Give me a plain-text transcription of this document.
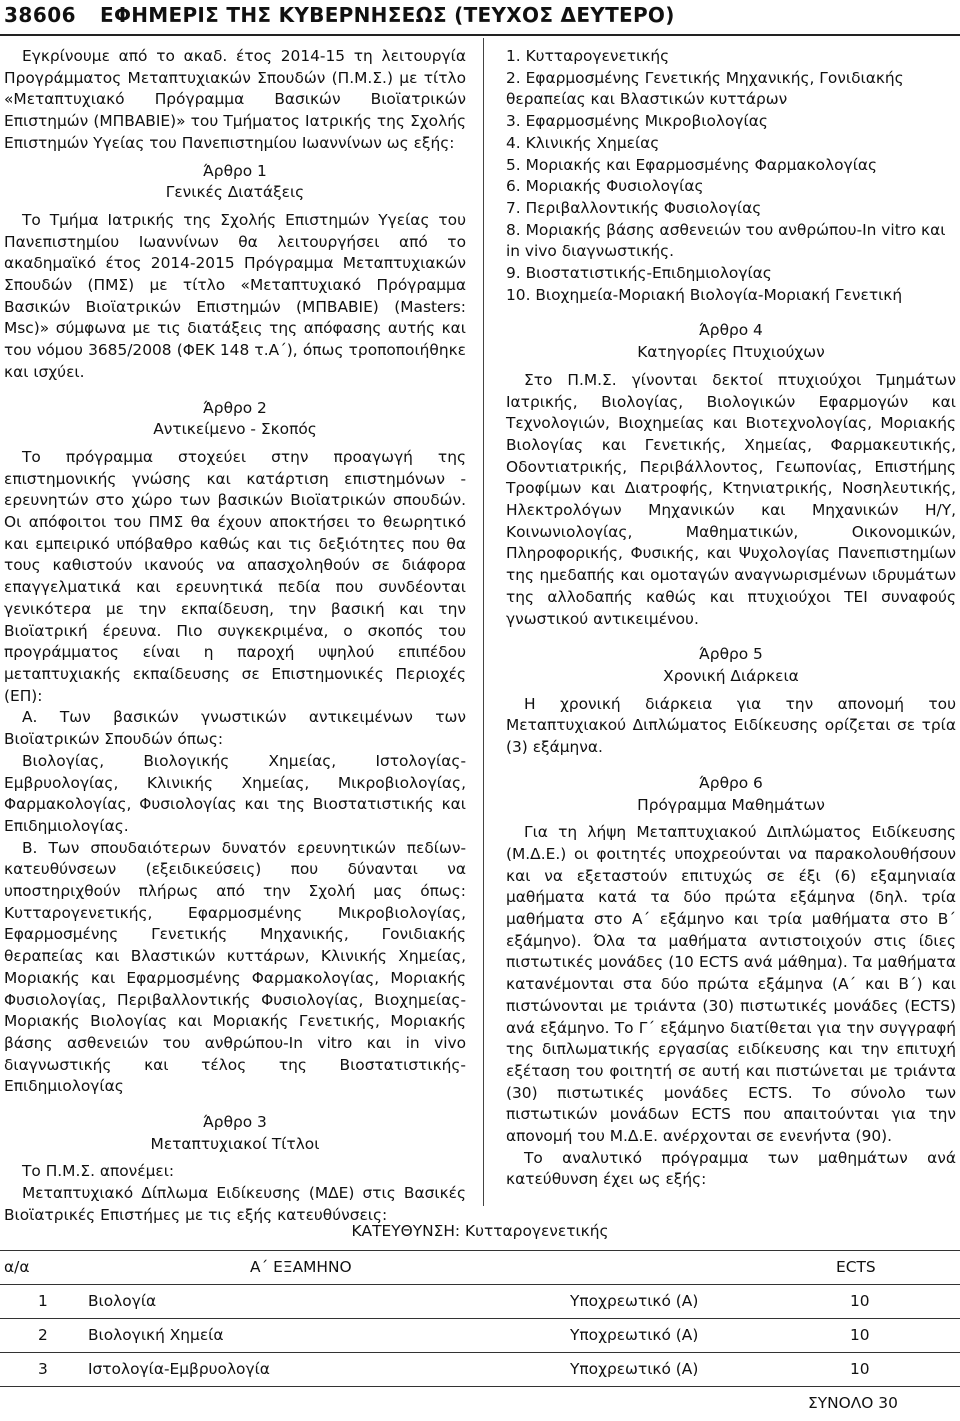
38606 ΕΦΗΜΕΡΙΣ ΤΗΣ ΚΥΒΕΡΝΗΣΕΩΣ (ΤΕΥΧΟΣ ΔΕΥΤΕΡΟ)

Εγκρίνουμε από το ακαδ. έτος 2014-15 τη λειτουργία Προγράμματος Μεταπτυχιακών Σπουδών (Π.Μ.Σ.) με τίτλο «Μεταπτυχιακό Πρόγραμμα Βασικών Βιοϊατρικών Επιστημών (ΜΠΒΑΒΙΕ)» του Τμήματος Ιατρικής της Σχολής Επιστημών Υγείας του Πανεπιστημίου Ιωαννίνων ως εξής:

Άρθρο 1

Γενικές Διατάξεις

Το Τμήμα Ιατρικής της Σχολής Επιστημών Υγείας του Πανεπιστημίου Ιωαννίνων θα λειτουργήσει από το ακαδημαϊκό έτος 2014-2015 Πρόγραμμα Μεταπτυχιακών Σπουδών (ΠΜΣ) με τίτλο «Μεταπτυχιακό Πρόγραμμα Βασικών Βιοϊατρικών Επιστημών (ΜΠΒΑΒΙΕ) (Masters: Msc)» σύμφωνα με τις διατάξεις της απόφασης αυτής και του νόμου 3685/2008 (ΦΕΚ 148 τ.Α΄), όπως τροποποιήθηκε και ισχύει.

Άρθρο 2

Αντικείμενο - Σκοπός

Το πρόγραμμα στοχεύει στην προαγωγή της επιστημονικής γνώσης και κατάρτιση επιστημόνων - ερευνητών στο χώρο των βασικών Βιοϊατρικών σπουδών. Οι απόφοιτοι του ΠΜΣ θα έχουν αποκτήσει το θεωρητικό και εμπειρικό υπόβαθρο καθώς και τις δεξιότητες που θα τους καθιστούν ικανούς να απασχοληθούν σε διάφορα επαγγελματικά και ερευνητικά πεδία που συνδέονται γενικότερα με την εκπαίδευση, την βασική και την Βιοϊατρική έρευνα. Πιο συγκεκριμένα, ο σκοπός του προγράμματος είναι η παροχή υψηλού επιπέδου μεταπτυχιακής εκπαίδευσης σε Επιστημονικές Περιοχές (ΕΠ):

Α. Των βασικών γνωστικών αντικειμένων των Βιοϊατρικών Σπουδών όπως:

Βιολογίας, Βιολογικής Χημείας, Ιστολογίας-Εμβρυολογίας, Κλινικής Χημείας, Μικροβιολογίας, Φαρμακολογίας, Φυσιολογίας και της Βιοστατιστικής και Επιδημιολογίας.

Β. Των σπουδαιότερων δυνατόν ερευνητικών πεδίων-κατευθύνσεων (εξειδικεύσεις) που δύνανται να υποστηριχθούν πλήρως από την Σχολή μας όπως: Κυτταρογενετικής, Εφαρμοσμένης Μικροβιολογίας, Εφαρμοσμένης Γενετικής Μηχανικής, Γονιδιακής θεραπείας και Βλαστικών κυττάρων, Κλινικής Χημείας, Μοριακής και Εφαρμοσμένης Φαρμακολογίας, Μοριακής Φυσιολογίας, Περιβαλλοντικής Φυσιολογίας, Βιοχημείας-Μοριακής Βιολογίας και Μοριακής Γενετικής, Μοριακής βάσης ασθενειών του ανθρώπου-In vitro και in vivo διαγνωστικής και τέλος της Βιοστατιστικής-Επιδημιολογίας

Άρθρο 3

Μεταπτυχιακοί Τίτλοι

Το Π.Μ.Σ. απονέμει:

Μεταπτυχιακό Δίπλωμα Ειδίκευσης (ΜΔΕ) στις Βασικές Βιοϊατρικές Επιστήμες με τις εξής κατευθύνσεις:

1. Κυτταρογενετικής
2. Εφαρμοσμένης Γενετικής Μηχανικής, Γονιδιακής θεραπείας και Βλαστικών κυττάρων
3. Εφαρμοσμένης Μικροβιολογίας
4. Κλινικής Χημείας
5. Μοριακής και Εφαρμοσμένης Φαρμακολογίας
6. Μοριακής Φυσιολογίας
7. Περιβαλλοντικής Φυσιολογίας
8. Μοριακής βάσης ασθενειών του ανθρώπου-In vitro και in vivo διαγνωστικής.
9. Βιοστατιστικής-Επιδημιολογίας
10. Βιοχημεία-Μοριακή Βιολογία-Μοριακή Γενετική

Άρθρο 4

Κατηγορίες Πτυχιούχων

Στο Π.Μ.Σ. γίνονται δεκτοί πτυχιούχοι Τμημάτων Ιατρικής, Βιολογίας, Βιολογικών Εφαρμογών και Τεχνολογιών, Βιοχημείας και Βιοτεχνολογίας, Μοριακής Βιολογίας και Γενετικής, Χημείας, Φαρμακευτικής, Οδοντιατρικής, Περιβάλλοντος, Γεωπονίας, Επιστήμης Τροφίμων και Διατροφής, Κτηνιατρικής, Νοσηλευτικής, Ηλεκτρολόγων Μηχανικών και Μηχανικών Η/Υ, Κοινωνιολογίας, Μαθηματικών, Οικονομικών, Πληροφορικής, Φυσικής, και Ψυχολογίας Πανεπιστημίων της ημεδαπής και ομοταγών αναγνωρισμένων ιδρυμάτων της αλλοδαπής καθώς και πτυχιούχοι ΤΕΙ συναφούς γνωστικού αντικειμένου.

Άρθρο 5

Χρονική Διάρκεια

Η χρονική διάρκεια για την απονομή του Μεταπτυχιακού Διπλώματος Ειδίκευσης ορίζεται σε τρία (3) εξάμηνα.

Άρθρο 6

Πρόγραμμα Μαθημάτων

Για τη λήψη Μεταπτυχιακού Διπλώματος Ειδίκευσης (Μ.Δ.Ε.) οι φοιτητές υποχρεούνται να παρακολουθήσουν και να εξεταστούν επιτυχώς σε έξι (6) εξαμηνιαία μαθήματα κατά τα δύο πρώτα εξάμηνα (δηλ. τρία μαθήματα στο Α΄ εξάμηνο και τρία μαθήματα στο Β΄ εξάμηνο). Όλα τα μαθήματα αντιστοιχούν στις ίδιες πιστωτικές μονάδες (10 ECTS ανά μάθημα). Τα μαθήματα κατανέμονται στα δύο πρώτα εξάμηνα (Α΄ και Β΄) και πιστώνονται με τριάντα (30) πιστωτικές μονάδες (ECTS) ανά εξάμηνο. Το Γ΄ εξάμηνο διατίθεται για την συγγραφή της διπλωματικής εργασίας ειδίκευσης και την επιτυχή εξέταση του φοιτητή σε αυτή και πιστώνεται με τριάντα (30) πιστωτικές μονάδες ECTS. Το σύνολο των πιστωτικών μονάδων ECTS που απαιτούνται για την απονομή του Μ.Δ.Ε. ανέρχονται σε ενενήντα (90).

Το αναλυτικό πρόγραμμα των μαθημάτων ανά κατεύθυνση έχει ως εξής:

ΚΑΤΕΥΘΥΝΣΗ: Κυτταρογενετικής
α/α	Α΄ ΕΞΑΜΗΝΟ	ECTS
1	Βιολογία	Υποχρεωτικό (Α)	10
2	Βιολογική Χημεία	Υποχρεωτικό (Α)	10
3	Ιστολογία-Εμβρυολογία	Υποχρεωτικό (Α)	10
ΣΥΝΟΛΟ 30
